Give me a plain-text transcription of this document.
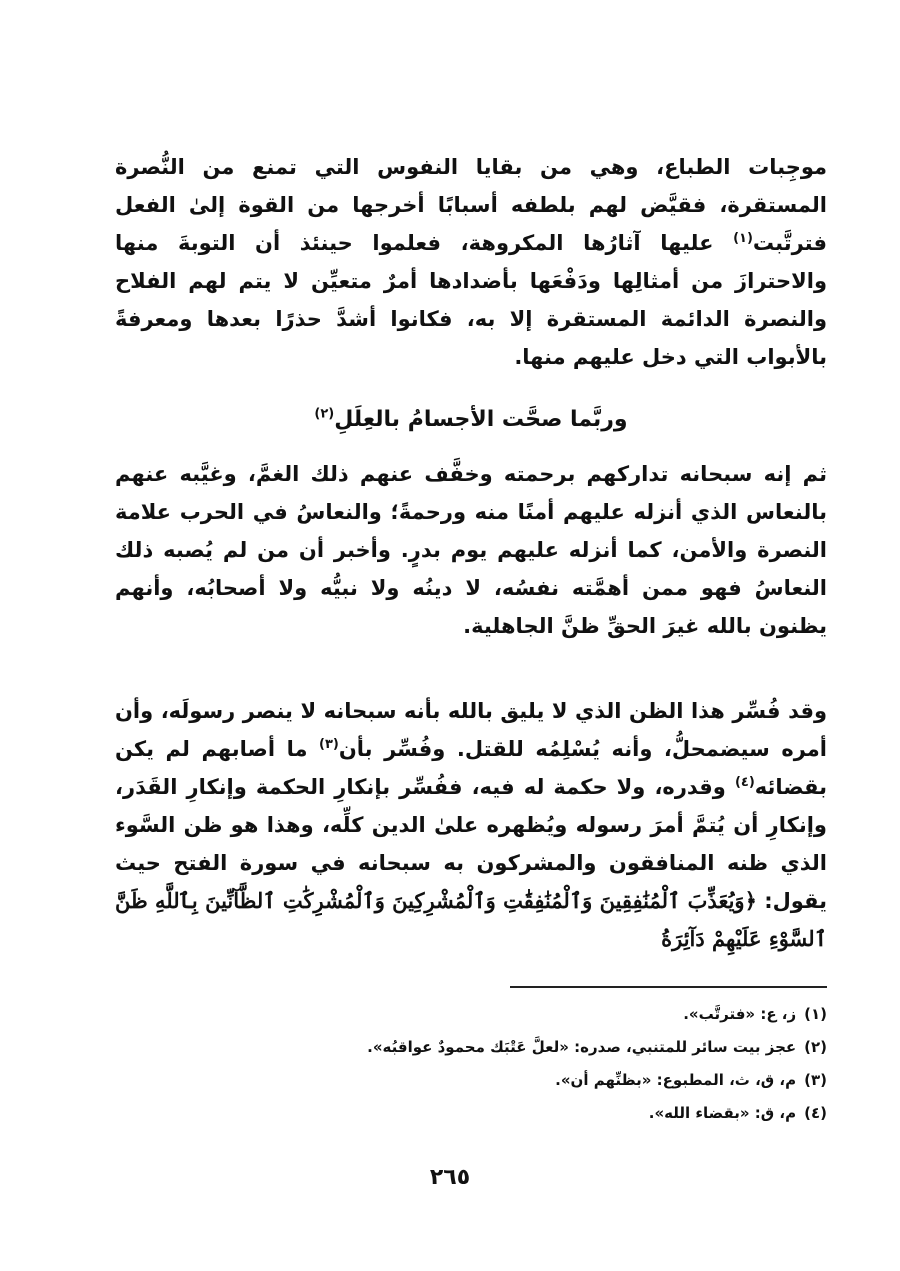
موجِبات الطباع، وهي من بقايا النفوس التي تمنع من النُّصرة المستقرة، فقيَّض لهم بلطفه أسبابًا أخرجها من القوة إلىٰ الفعل فترتَّبت$^{(١)}$ عليها آثارُها المكروهة، فعلموا حينئذ أن التوبةَ منها والاحترازَ من أمثالِها ودَفْعَها بأضدادها أمرٌ متعيِّن لا يتم لهم الفلاح والنصرة الدائمة المستقرة إلا به، فكانوا أشدَّ حذرًا بعدها ومعرفةً بالأبواب التي دخل عليهم منها.
وربَّما صحَّت الأجسامُ بالعِلَلِ$^{(٢)}$
ثم إنه سبحانه تداركهم برحمته وخفَّف عنهم ذلك الغمَّ، وغيَّبه عنهم بالنعاس الذي أنزله عليهم أمنًا منه ورحمةً؛ والنعاسُ في الحرب علامة النصرة والأمن، كما أنزله عليهم يوم بدرٍ. وأخبر أن من لم يُصبه ذلك النعاسُ فهو ممن أهمَّته نفسُه، لا دينُه ولا نبيُّه ولا أصحابُه، وأنهم يظنون بالله غيرَ الحقِّ ظنَّ الجاهلية.
وقد فُسِّر هذا الظن الذي لا يليق بالله بأنه سبحانه لا ينصر رسولَه، وأن أمره سيضمحلُّ، وأنه يُسْلِمُه للقتل. وفُسِّر بأن$^{(٣)}$ ما أصابهم لم يكن بقضائه$^{(٤)}$ وقدره، ولا حكمة له فيه، ففُسِّر بإنكارِ الحكمة وإنكارِ القَدَر، وإنكارِ أن يُتمَّ أمرَ رسوله ويُظهره علىٰ الدين كلِّه، وهذا هو ظن السَّوء الذي ظنه المنافقون والمشركون به سبحانه في سورة الفتح حيث يقول: ﴿وَيُعَذِّبَ ٱلْمُنَٰفِقِينَ وَٱلْمُنَٰفِقَٰتِ وَٱلْمُشْرِكِينَ وَٱلْمُشْرِكَٰتِ ٱلظَّآنِّينَ بِٱللَّهِ ظَنَّ ٱلسَّوْءِ عَلَيْهِمْ دَآئِرَةُ
(١)ز، ع: «فترتَّب».
(٢)عجز بيت سائر للمتنبي، صدره: «لعلَّ عَتْبَك محمودٌ عواقبُه».
(٣)م، ق، ث، المطبوع: «بظنِّهم أن».
(٤)م، ق: «بقضاء الله».
٢٦٥
